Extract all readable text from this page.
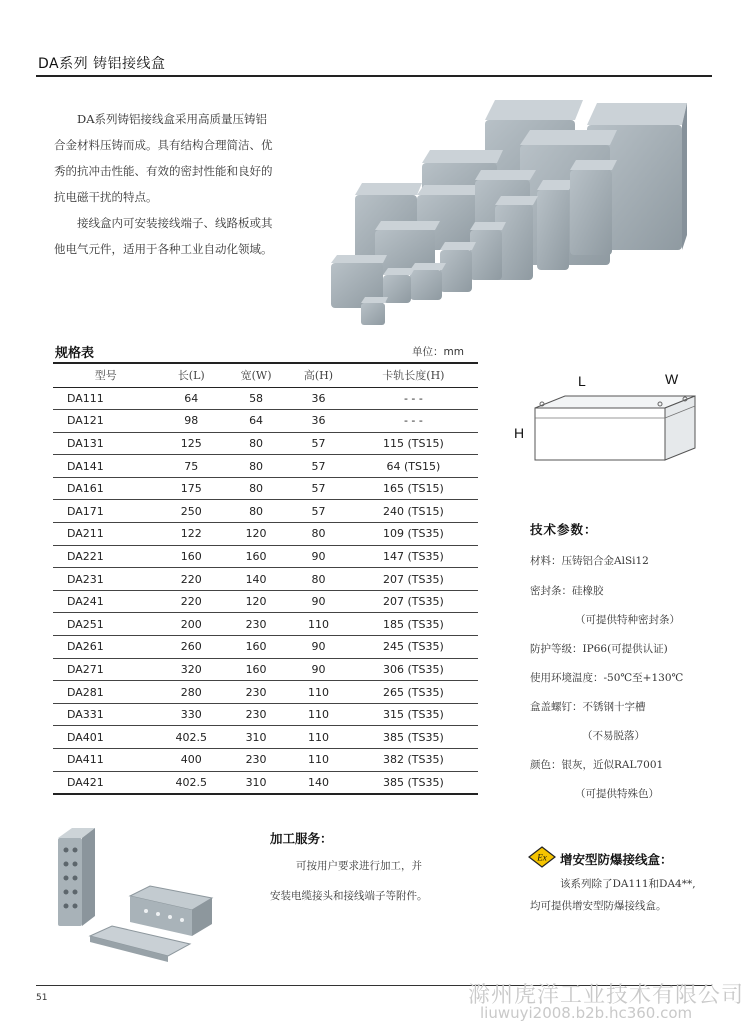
DA系列 铸铝接线盒

DA系列铸铝接线盒采用高质量压铸铝合金材料压铸而成。具有结构合理简洁、优秀的抗冲击性能、有效的密封性能和良好的抗电磁干扰的特点。

接线盒内可安装接线端子、线路板或其他电气元件，适用于各种工业自动化领域。

规格表	单位：mm
型号	长(L)	宽(W)	高(H)	卡轨长度(H)
DA111	64	58	36	- - -
DA121	98	64	36	- - -
DA131	125	80	57	115 (TS15)
DA141	75	80	57	64 (TS15)
DA161	175	80	57	165 (TS15)
DA171	250	80	57	240 (TS15)
DA211	122	120	80	109 (TS35)
DA221	160	160	90	147 (TS35)
DA231	220	140	80	207 (TS35)
DA241	220	120	90	207 (TS35)
DA251	200	230	110	185 (TS35)
DA261	260	160	90	245 (TS35)
DA271	320	160	90	306 (TS35)
DA281	280	230	110	265 (TS35)
DA331	330	230	110	315 (TS35)
DA401	402.5	310	110	385 (TS35)
DA411	400	230	110	382 (TS35)
DA421	402.5	310	140	385 (TS35)
L	W
H
技术参数：
材料：压铸铝合金AlSi12
密封条：硅橡胶
（可提供特种密封条）
防护等级：IP66(可提供认证)
使用环境温度：-50℃至+130℃
盒盖螺钉：不锈钢十字槽
（不易脱落）
颜色：银灰，近似RAL7001
（可提供特殊色）
加工服务：
可按用户要求进行加工，并
安装电缆接头和接线端子等附件。
Ex 增安型防爆接线盒：
该系列除了DA111和DA4**,
均可提供增安型防爆接线盒。
51	滁州虎洋工业技术有限公司
liuwuyi2008.b2b.hc360.com
